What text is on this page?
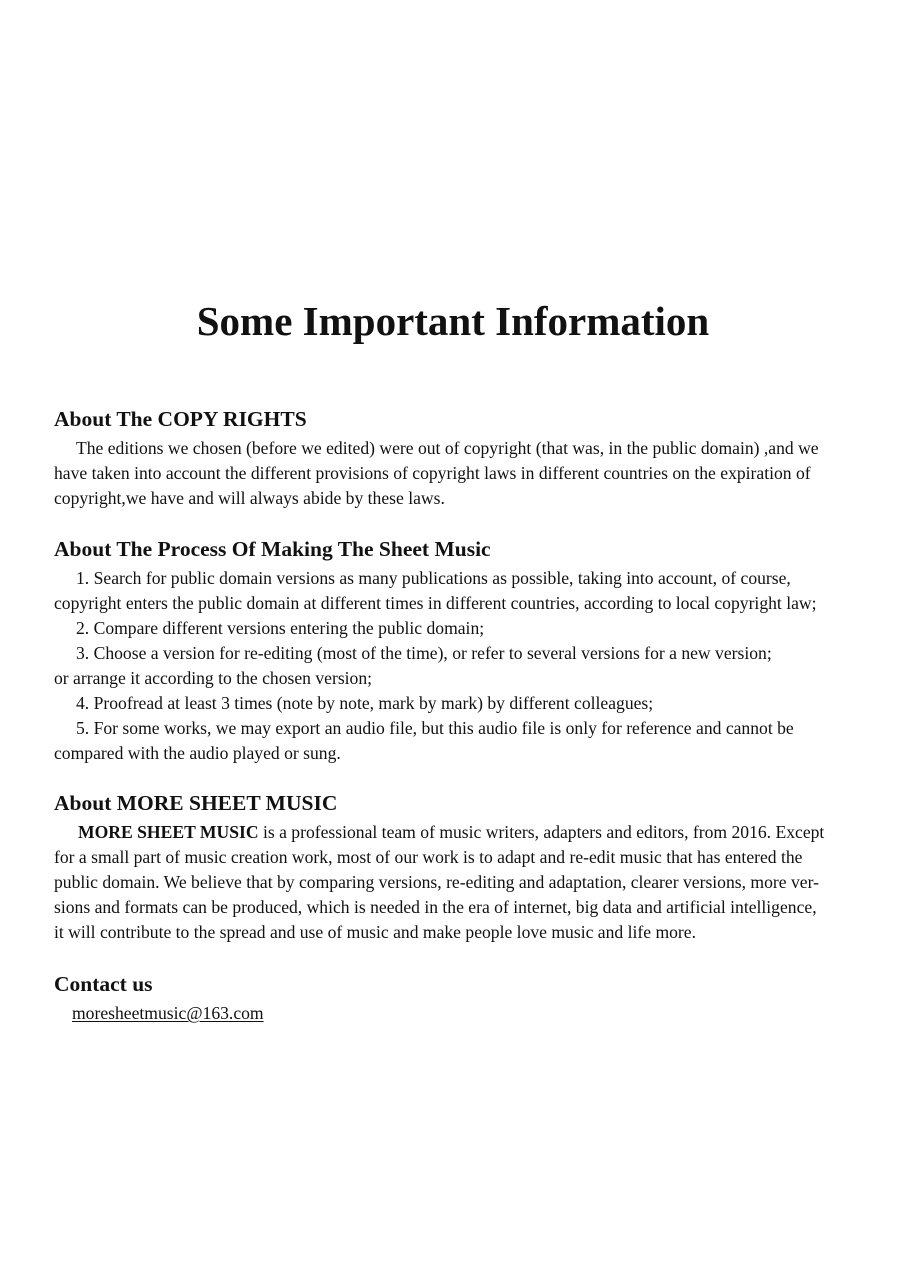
Some Important Information
About The COPY RIGHTS
The editions we chosen (before we edited) were out of copyright (that was, in the public domain) ,and we
have taken into account the different provisions of copyright laws in different countries on the expiration of
copyright,we have and will always abide by these laws.
About The Process Of Making The Sheet Music
1. Search for public domain versions as many publications as possible, taking into account, of course,
copyright enters the public domain at different times in different countries, according to local copyright law;
2. Compare different versions entering the public domain;
3. Choose a version for re-editing (most of the time), or refer to several versions for a new version;
or arrange it according to the chosen version;
4. Proofread at least 3 times (note by note, mark by mark) by different colleagues;
5. For some works, we may export an audio file, but this audio file is only for reference and cannot be
compared with the audio played or sung.
About MORE SHEET MUSIC
MORE SHEET MUSIC is a professional team of music writers, adapters and editors, from 2016. Except
for a small part of music creation work, most of our work is to adapt and re-edit music that has entered the
public domain. We believe that by comparing versions, re-editing and adaptation, clearer versions, more ver-
sions and formats can be produced, which is needed in the era of internet, big data and artificial intelligence,
it will contribute to the spread and use of music and make people love music and life more.
Contact us
moresheetmusic@163.com
